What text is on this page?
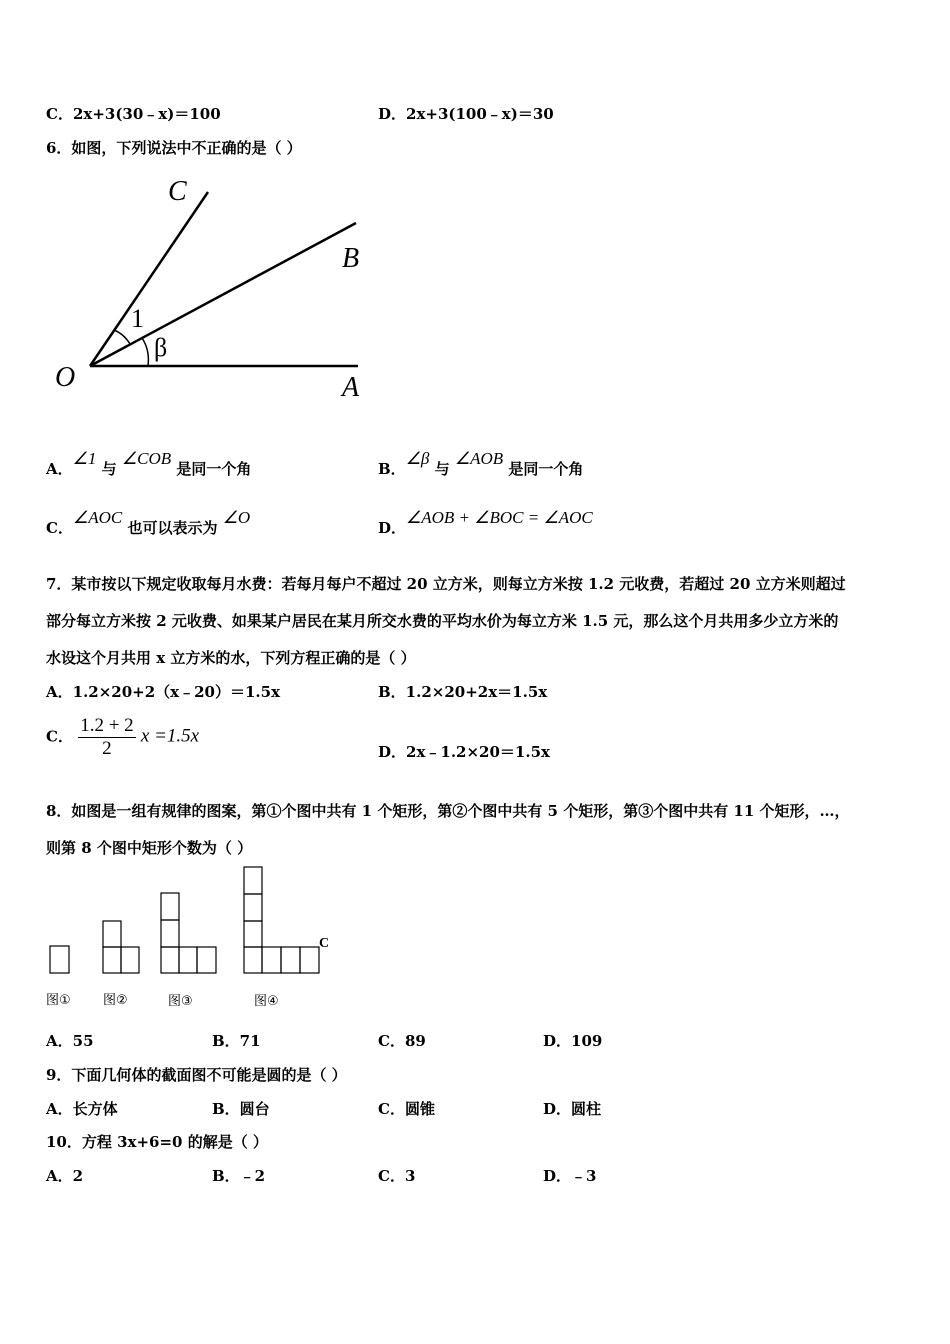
C．2x+3(30﹣x)＝100	D．2x+3(100﹣x)＝30
6．如图，下列说法中不正确的是（ ）
C
B
O	A
1
β
A．∠1 与 ∠COB 是同一个角	B．∠β 与 ∠AOB 是同一个角
C．∠AOC 也可以表示为 ∠O
D．∠AOB + ∠BOC = ∠AOC
7．某市按以下规定收取每月水费：若每月每户不超过 20 立方米，则每立方米按 1.2 元收费，若超过 20 立方米则超过
部分每立方米按 2 元收费、如果某户居民在某月所交水费的平均水价为每立方米 1.5 元，那么这个月共用多少立方米的
水设这个月共用 x 立方米的水，下列方程正确的是（ ）
A．1.2×20+2（x﹣20）＝1.5x	B．1.2×20+2x＝1.5x
C． $\frac{1.2 + 2}{2}$ x =1.5x
D．2x﹣1.2×20＝1.5x
8．如图是一组有规律的图案，第①个图中共有 1 个矩形，第②个图中共有 5 个矩形，第③个图中共有 11 个矩形，…，
则第 8 个图中矩形个数为（ ）
C
图① 图②	图③	图④
A．55	B．71	C．89	D．109
9．下面几何体的截面图不可能是圆的是（ ）
A．长方体	B．圆台	C．圆锥	D．圆柱
10．方程 3x+6=0 的解是（ ）
A．2	B．﹣2	C．3	D．﹣3
